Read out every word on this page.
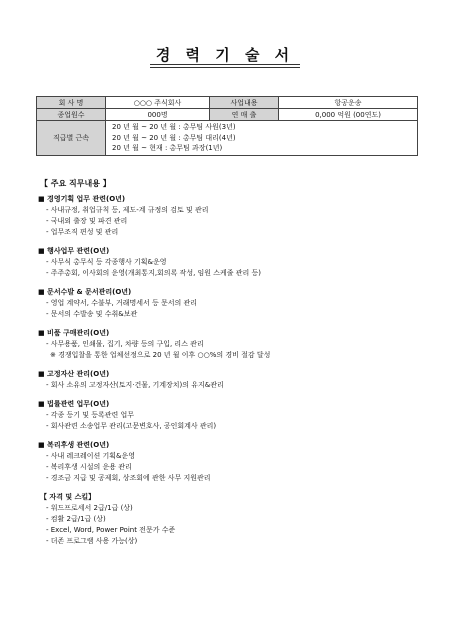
경 력 기 술 서
회 사 명	○○○ 주식회사	사업내용	항공운송
종업원수	000명	연 매 출	0,000 억원 (00연도)
직급별 근속	20 년 월 ~ 20 년 월 : 총무팀 사원(3년)
20 년 월 ~ 20 년 월 : 총무팀 대리(4년)
20 년 월 ~ 현재 : 총무팀 과장(1년)		
【 주요 직무내용 】
■ 경영기획 업무 관련(O년)
- 사내규정, 취업규칙 등, 제도-계 규정의 검토 및 관리
- 국내외 출장 및 파견 관리
- 업무조직 편성 및 관리
■ 행사업무 관련(O년)
- 사무식 총무식 등 각종행사 기획&운영
- 주주총회, 이사회의 운영(개최통지,회의록 작성, 임원 스케줄 관리 등)
■ 문서수발 & 문서관리(O년)
- 영업 계약서, 수불부, 거래명세서 등 문서의 관리
- 문서의 수발송 및 수취&보관
■ 비품 구매관리(O년)
- 사무용품, 인쇄물, 집기, 차량 등의 구입, 리스 관리
※ 경쟁입찰을 통한 업체선정으로 20 년 월 이후 ○○%의 경비 절감 달성
■ 고정자산 관리(O년)
- 회사 소유의 고정자산(토지·건물, 기계장치)의 유지&관리
■ 법률관련 업무(O년)
- 각종 등기 및 등록관련 업무
- 회사관련 소송업무 관리(고문변호사, 공인회계사 관리)
■ 복리후생 관련(O년)
- 사내 레크레이션 기획&운영
- 복리후생 시설의 운용 관리
- 경조금 지급 및 공제회, 상조회에 관한 사무 지원관리
【 자격 및 스킬】
- 워드프로세서 2급/1급 (상)
- 컴활 2급/1급 (상)
- Excel, Word, Power Point 전문가 수준
- 더존 프로그램 사용 가능(상)
